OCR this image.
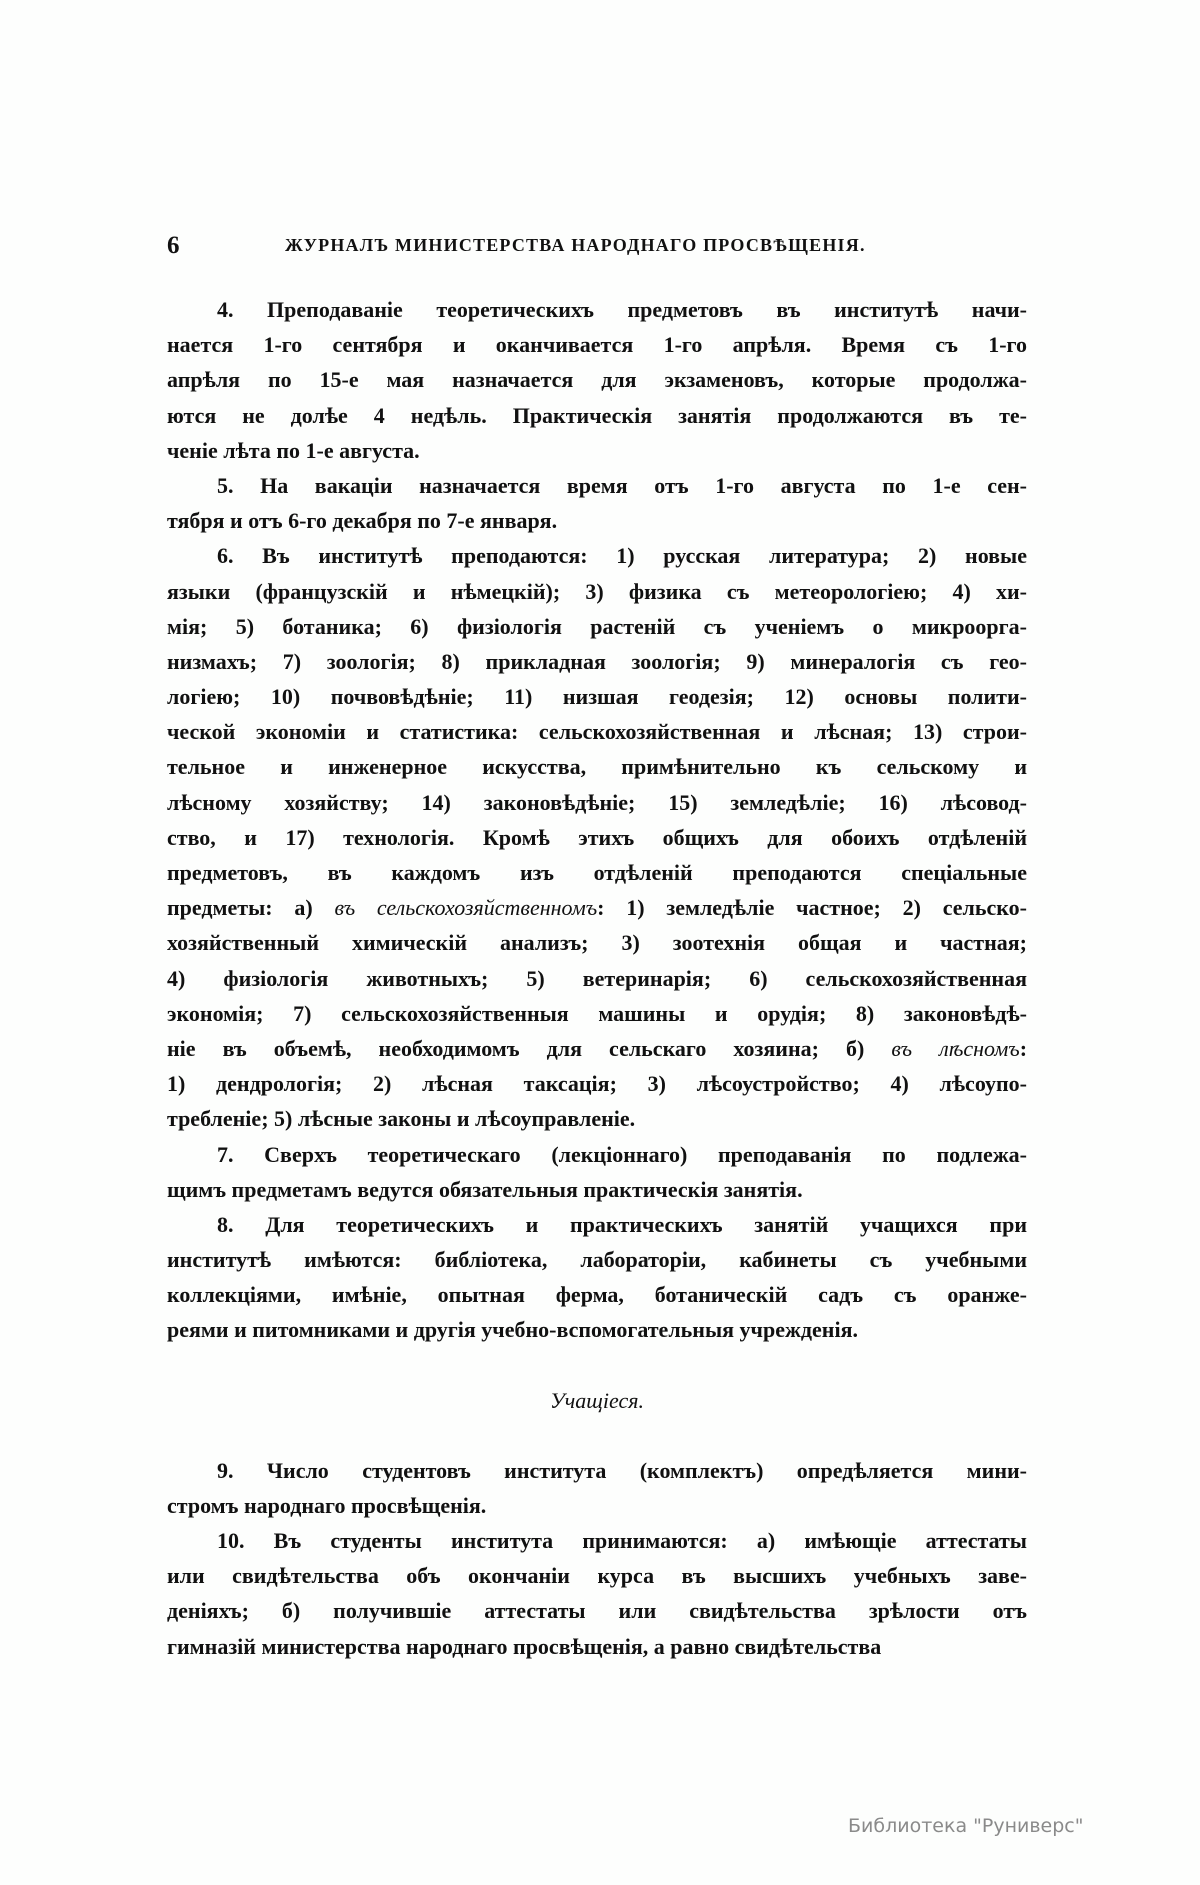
6	ЖУРНАЛЪ МИНИСТЕРСТВА НАРОДНАГО ПРОСВѢЩЕНІЯ.
4. Преподаваніе теоретическихъ предметовъ въ институтѣ начи-
нается 1-го сентября и оканчивается 1-го апрѣля. Время съ 1-го
апрѣля по 15-е мая назначается для экзаменовъ, которые продолжа-
ются не долѣе 4 недѣль. Практическія занятія продолжаются въ те-
ченіе лѣта по 1-е августа.
5. На вакаціи назначается время отъ 1-го августа по 1-е сен-
тября и отъ 6-го декабря по 7-е января.
6. Въ институтѣ преподаются: 1) русская литература; 2) новые
языки (французскій и нѣмецкій); 3) физика съ метеорологіею; 4) хи-
мія; 5) ботаника; 6) физіологія растеній съ ученіемъ о микроорга-
низмахъ; 7) зоологія; 8) прикладная зоологія; 9) минералогія съ гео-
логіею; 10) почвовѣдѣніе; 11) низшая геодезія; 12) основы полити-
ческой экономіи и статистика: сельскохозяйственная и лѣсная; 13) строи-
тельное и инженерное искусства, примѣнительно къ сельскому и
лѣсному хозяйству; 14) законовѣдѣніе; 15) земледѣліе; 16) лѣсовод-
ство, и 17) технологія. Кромѣ этихъ общихъ для обоихъ отдѣленій
предметовъ, въ каждомъ изъ отдѣленій преподаются спеціальные
предметы: а) въ сельскохозяйственномъ: 1) земледѣліе частное; 2) сельско-
хозяйственный химическій анализъ; 3) зоотехнія общая и частная;
4) физіологія животныхъ; 5) ветеринарія; 6) сельскохозяйственная
экономія; 7) сельскохозяйственныя машины и орудія; 8) законовѣдѣ-
ніе въ объемѣ, необходимомъ для сельскаго хозяина; б) въ лѣсномъ:
1) дендрологія; 2) лѣсная таксація; 3) лѣсоустройство; 4) лѣсоупо-
требленіе; 5) лѣсные законы и лѣсоуправленіе.
7. Сверхъ теоретическаго (лекціоннаго) преподаванія по подлежа-
щимъ предметамъ ведутся обязательныя практическія занятія.
8. Для теоретическихъ и практическихъ занятій учащихся при
институтѣ имѣются: библіотека, лабораторіи, кабинеты съ учебными
коллекціями, имѣніе, опытная ферма, ботаническій садъ съ оранже-
реями и питомниками и другія учебно-вспомогательныя учрежденія.
Учащіеся.
9. Число студентовъ института (комплектъ) опредѣляется мини-
стромъ народнаго просвѣщенія.
10. Въ студенты института принимаются: а) имѣющіе аттестаты
или свидѣтельства объ окончаніи курса въ высшихъ учебныхъ заве-
деніяхъ; б) получившіе аттестаты или свидѣтельства зрѣлости отъ
гимназій министерства народнаго просвѣщенія, а равно свидѣтельства
Библиотека "Руниверс"
